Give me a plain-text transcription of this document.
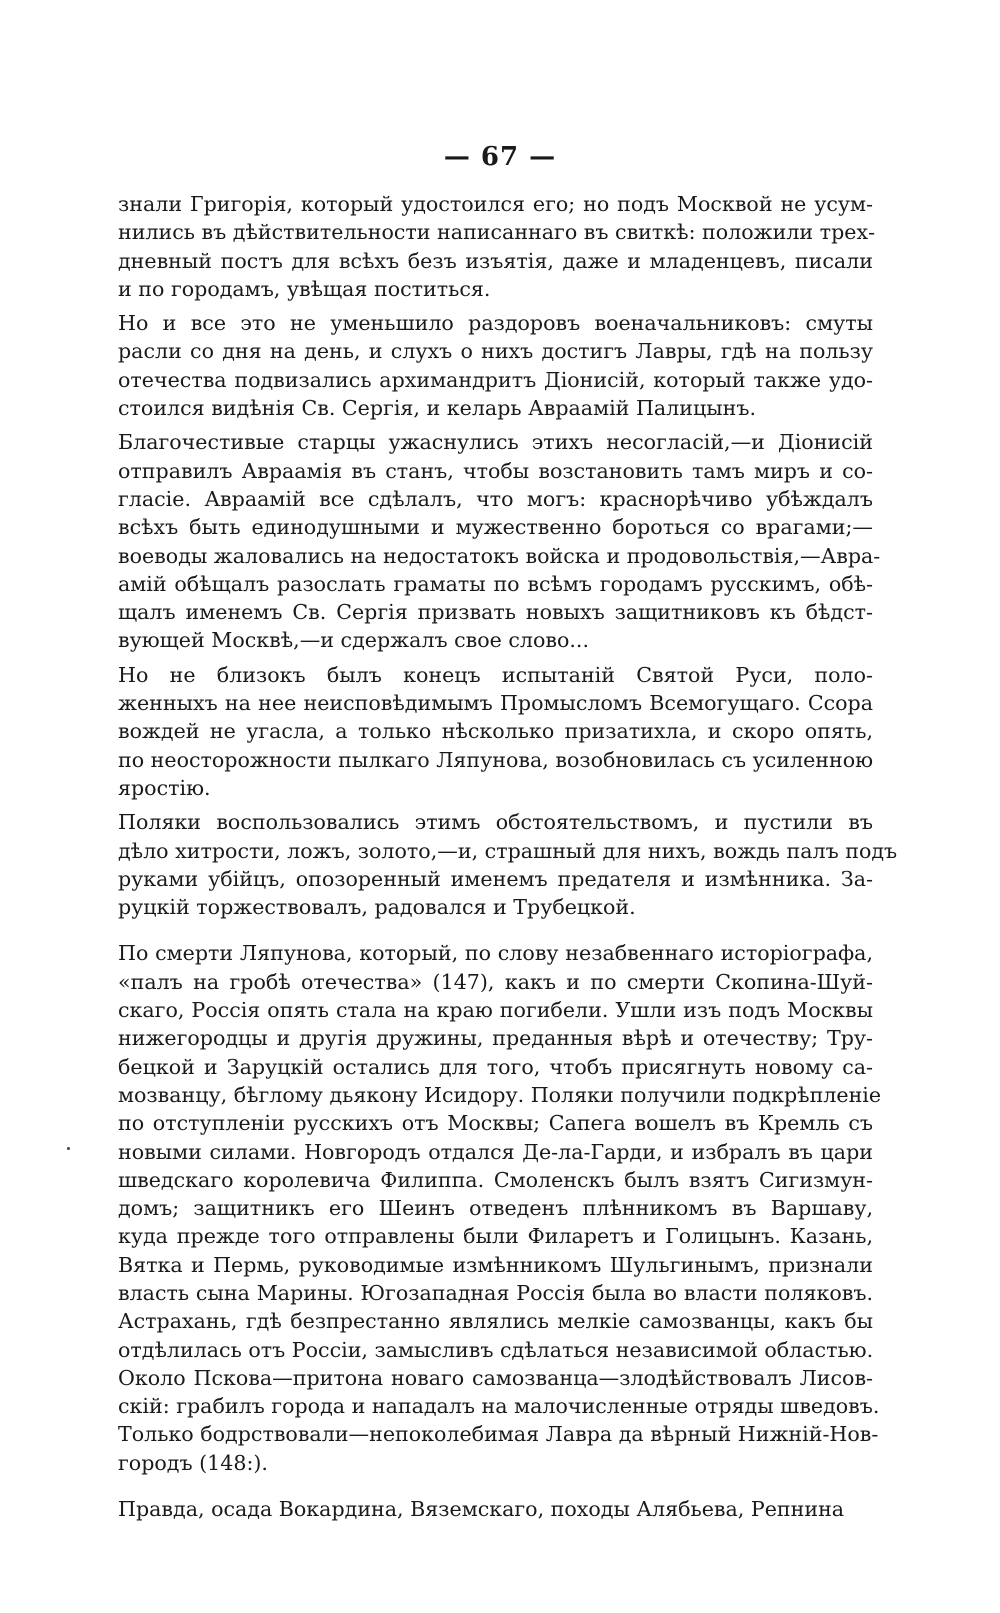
— 67 —
знали Григорія, который удостоился его; но подъ Москвой не усум-
нились въ дѣйствительности написаннаго въ свиткѣ: положили трех-
дневный постъ для всѣхъ безъ изъятія, даже и младенцевъ, писали
и по городамъ, увѣщая поститься.
Но и все это не уменьшило раздоровъ военачальниковъ: смуты
расли со дня на день, и слухъ о нихъ достигъ Лавры, гдѣ на пользу
отечества подвизались архимандритъ Діонисій, который также удо-
стоился видѣнія Св. Сергія, и келарь Авраамій Палицынъ.
Благочестивые старцы ужаснулись этихъ несогласій,—и Діонисій
отправилъ Авраамія въ станъ, чтобы возстановить тамъ миръ и со-
гласіе. Авраамій все сдѣлалъ, что могъ: краснорѣчиво убѣждалъ
всѣхъ быть единодушными и мужественно бороться со врагами;—
воеводы жаловались на недостатокъ войска и продовольствія,—Авра-
амій обѣщалъ разослать граматы по всѣмъ городамъ русскимъ, обѣ-
щалъ именемъ Св. Сергія призвать новыхъ защитниковъ къ бѣдст-
вующей Москвѣ,—и сдержалъ свое слово...
Но не близокъ былъ конецъ испытаній Святой Руси, поло-
женныхъ на нее неисповѣдимымъ Промысломъ Всемогущаго. Ссора
вождей не угасла, а только нѣсколько призатихла, и скоро опять,
по неосторожности пылкаго Ляпунова, возобновилась съ усиленною
яростію.
Поляки воспользовались этимъ обстоятельствомъ, и пустили въ
дѣло хитрости, ложъ, золото,—и, страшный для нихъ, вождь палъ подъ
руками убійцъ, опозоренный именемъ предателя и измѣнника. За-
руцкій торжествовалъ, радовался и Трубецкой.
По смерти Ляпунова, который, по слову незабвеннаго исторіографа,
«палъ на гробѣ отечества» (147), какъ и по смерти Скопина-Шуй-
скаго, Россія опять стала на краю погибели. Ушли изъ подъ Москвы
нижегородцы и другія дружины, преданныя вѣрѣ и отечеству; Тру-
бецкой и Заруцкій остались для того, чтобъ присягнуть новому са-
мозванцу, бѣглому дьякону Исидору. Поляки получили подкрѣпленіе
по отступленіи русскихъ отъ Москвы; Сапега вошелъ въ Кремль съ
новыми силами. Новгородъ отдался Де-ла-Гарди, и избралъ въ цари
шведскаго королевича Филиппа. Смоленскъ былъ взятъ Сигизмун-
домъ; защитникъ его Шеинъ отведенъ плѣнникомъ въ Варшаву,
куда прежде того отправлены были Филаретъ и Голицынъ. Казань,
Вятка и Пермь, руководимые измѣнникомъ Шульгинымъ, признали
власть сына Марины. Югозападная Россія была во власти поляковъ.
Астрахань, гдѣ безпрестанно являлись мелкіе самозванцы, какъ бы
отдѣлилась отъ Россіи, замысливъ сдѣлаться независимой областью.
Около Пскова—притона новаго самозванца—злодѣйствовалъ Лисов-
скій: грабилъ города и нападалъ на малочисленные отряды шведовъ.
Только бодрствовали—непоколебимая Лавра да вѣрный Нижній-Нов-
городъ (148:).
Правда, осада Вокардина, Вяземскаго, походы Алябьева, Репнина
